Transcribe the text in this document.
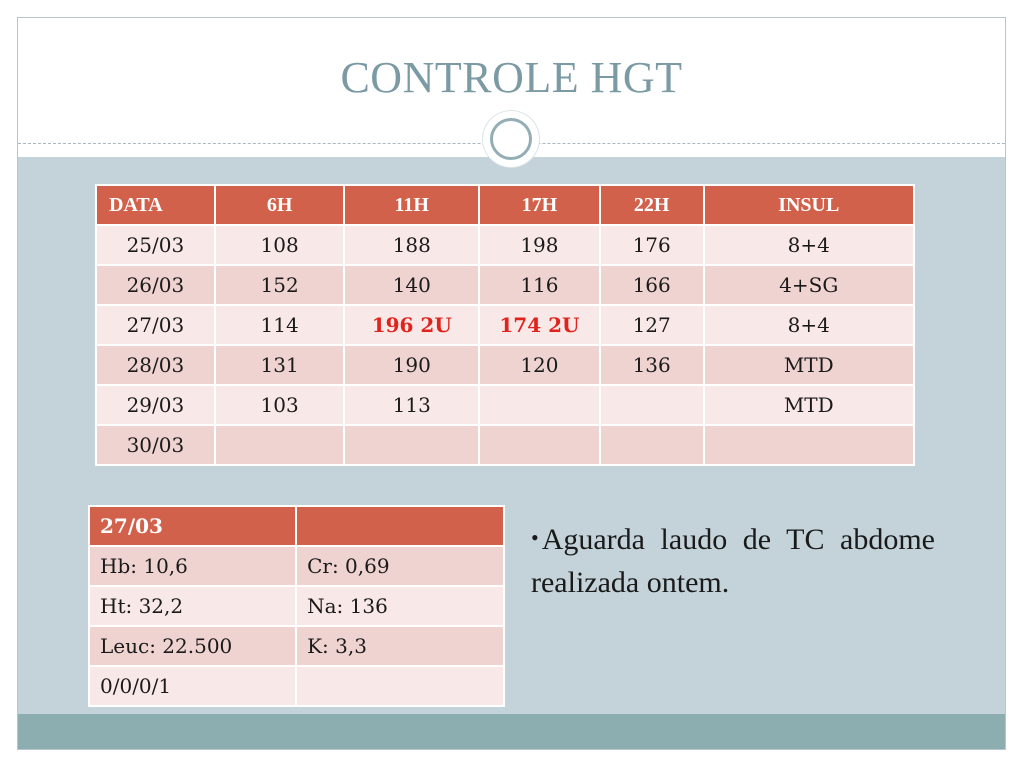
CONTROLE HGT
DATA	6H	11H	17H	22H	INSUL
25/03	108	188	198	176	8+4
26/03	152	140	116	166	4+SG
27/03	114	196 2U	174 2U	127	8+4
28/03	131	190	120	136	MTD
29/03	103	113			MTD
30/03					
27/03	
Hb: 10,6	Cr: 0,69
Ht: 32,2	Na: 136
Leuc: 22.500	K: 3,3
0/0/0/1	
• Aguarda laudo de TC abdome realizada ontem.
